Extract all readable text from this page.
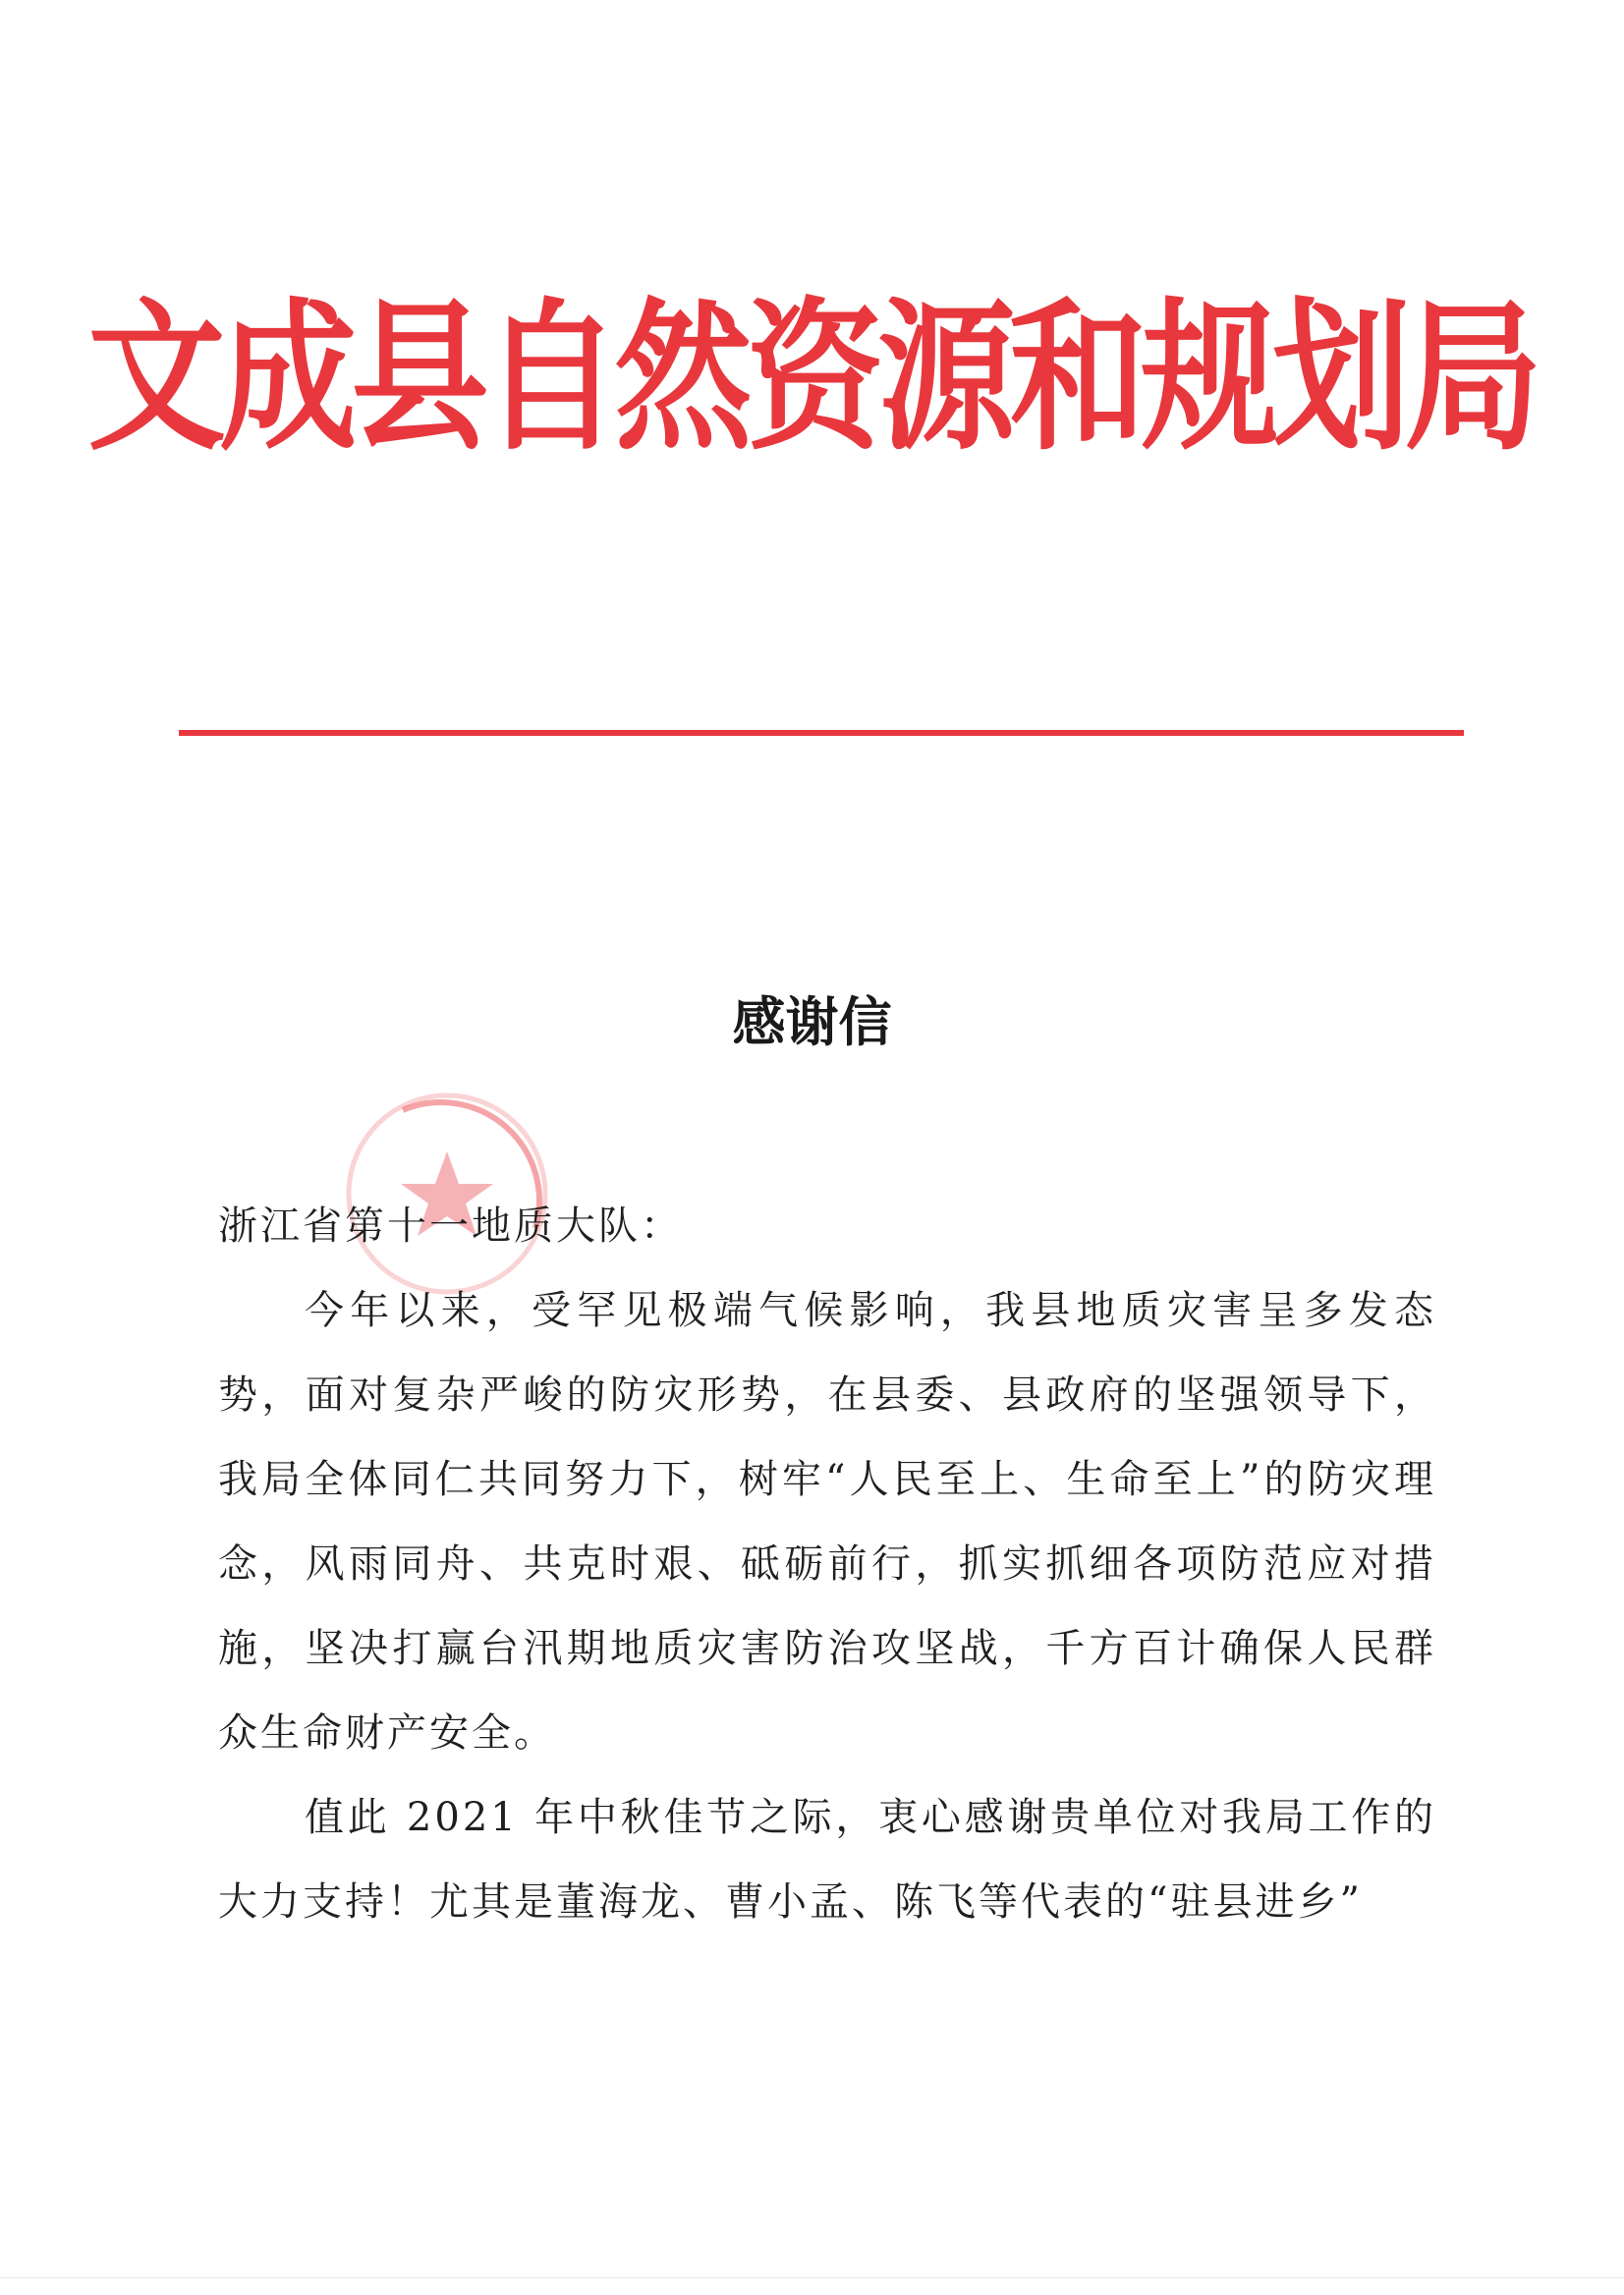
文成县自然资源和规划局
感谢信

浙江省第十一地质大队：

今年以来，受罕见极端气候影响，我县地质灾害呈多发态势，面对复杂严峻的防灾形势，在县委、县政府的坚强领导下，我局全体同仁共同努力下，树牢“人民至上、生命至上”的防灾理念，风雨同舟、共克时艰、砥砺前行，抓实抓细各项防范应对措施，坚决打赢台汛期地质灾害防治攻坚战，千方百计确保人民群众生命财产安全。

值此 2021 年中秋佳节之际，衷心感谢贵单位对我局工作的大力支持！尤其是董海龙、曹小孟、陈飞等代表的“驻县进乡”
